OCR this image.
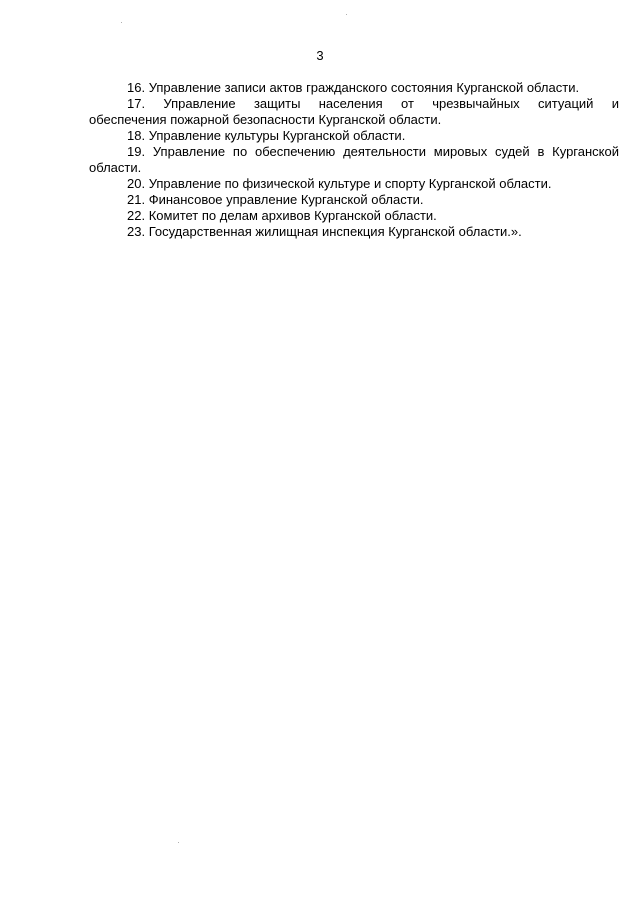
3

16. Управление записи актов гражданского состояния Курганской области.

17. Управление защиты населения от чрезвычайных ситуаций и

обеспечения пожарной безопасности Курганской области.

18. Управление культуры Курганской области.

19. Управление по обеспечению деятельности мировых судей в Курганской

области.

20. Управление по физической культуре и спорту Курганской области.

21. Финансовое управление Курганской области.

22. Комитет по делам архивов Курганской области.

23. Государственная жилищная инспекция Курганской области.».
